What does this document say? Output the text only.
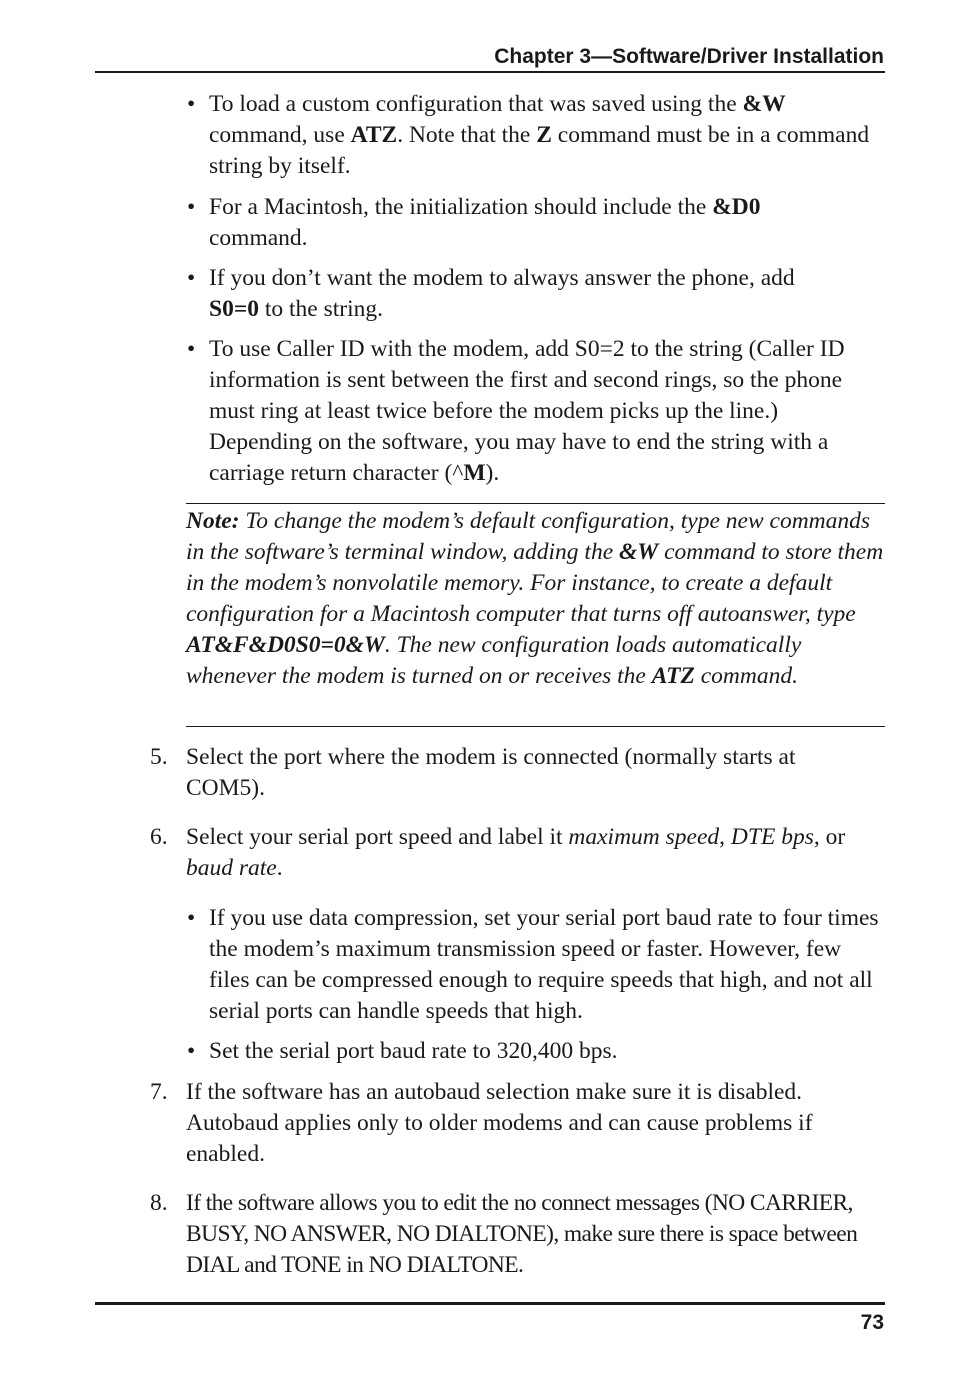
Chapter 3—Software/Driver Installation
• To load a custom configuration that was saved using the &W
command, use ATZ. Note that the Z command must be in a command string by itself.

• For a Macintosh, the initialization should include the &D0
command.

• If you don’t want the modem to always answer the phone, add
S0=0 to the string.

• To use Caller ID with the modem, add S0=2 to the string (Caller ID information is sent between the first and second rings, so the phone must ring at least twice before the modem picks up the line.) Depending on the software, you may have to end the string with a carriage return character (^M).

Note: To change the modem’s default configuration, type new commands in the software’s terminal window, adding the &W command to store them in the modem’s nonvolatile memory. For instance, to create a default configuration for a Macintosh computer that turns off autoanswer, type AT&F&D0S0=0&W. The new configuration loads automatically whenever the modem is turned on or receives the ATZ command.

5. Select the port where the modem is connected (normally starts at COM5).

6. Select your serial port speed and label it maximum speed, DTE bps, or baud rate.

• If you use data compression, set your serial port baud rate to four times the modem’s maximum transmission speed or faster. However, few files can be compressed enough to require speeds that high, and not all serial ports can handle speeds that high.

• Set the serial port baud rate to 320,400 bps.

7. If the software has an autobaud selection make sure it is disabled. Autobaud applies only to older modems and can cause problems if enabled.

8. If the software allows you to edit the no connect messages (NO CARRIER, BUSY, NO ANSWER, NO DIALTONE), make sure there is space between DIAL and TONE in NO DIALTONE.

73
